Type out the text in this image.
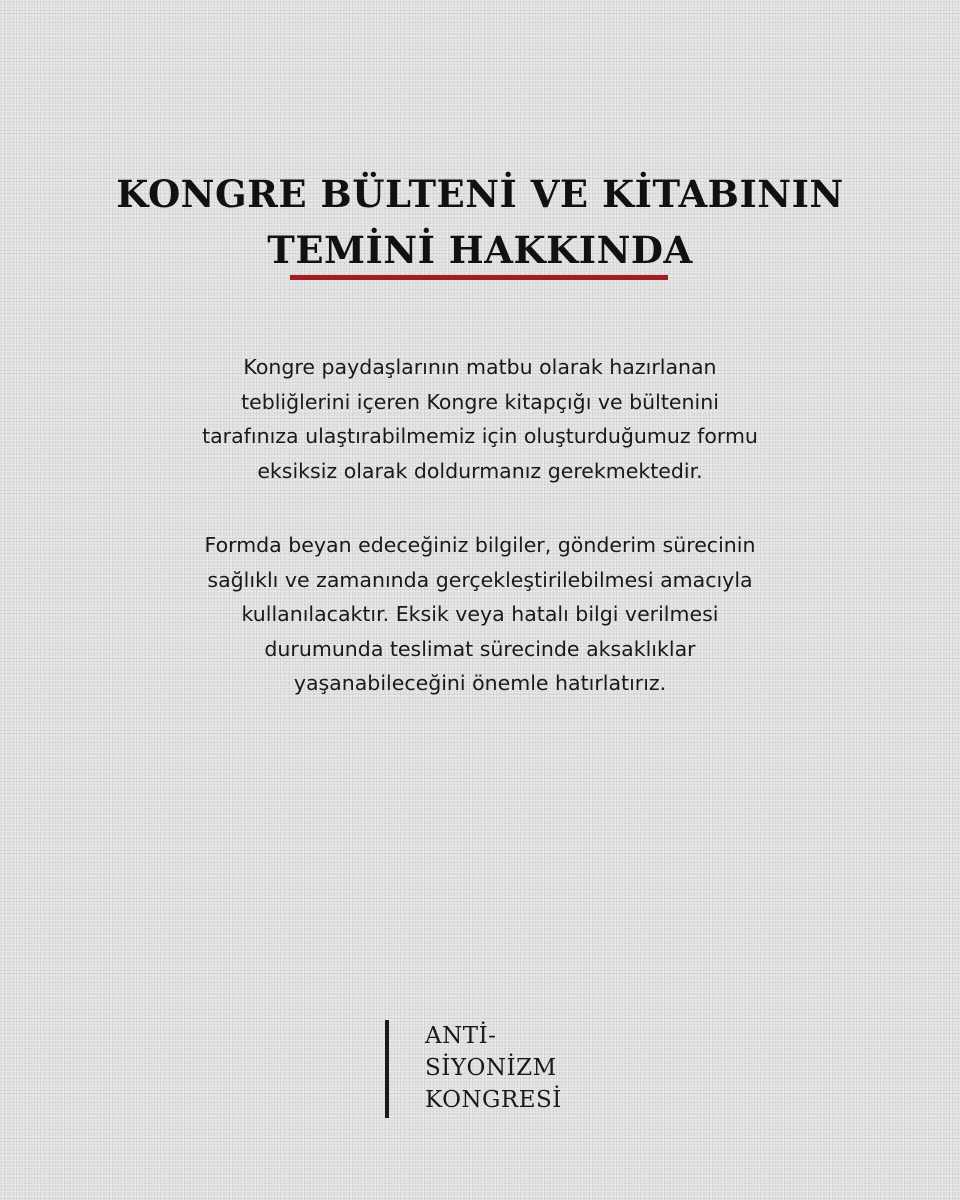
KONGRE BÜLTENİ VE KİTABININ
TEMİNİ HAKKINDA

Kongre paydaşlarının matbu olarak hazırlanan
tebliğlerini içeren Kongre kitapçığı ve bültenini
tarafınıza ulaştırabilmemiz için oluşturduğumuz formu
eksiksiz olarak doldurmanız gerekmektedir.

Formda beyan edeceğiniz bilgiler, gönderim sürecinin
sağlıklı ve zamanında gerçekleştirilebilmesi amacıyla
kullanılacaktır. Eksik veya hatalı bilgi verilmesi
durumunda teslimat sürecinde aksaklıklar
yaşanabileceğini önemle hatırlatırız.

ANTİ-
SİYONİZM
KONGRESİ
